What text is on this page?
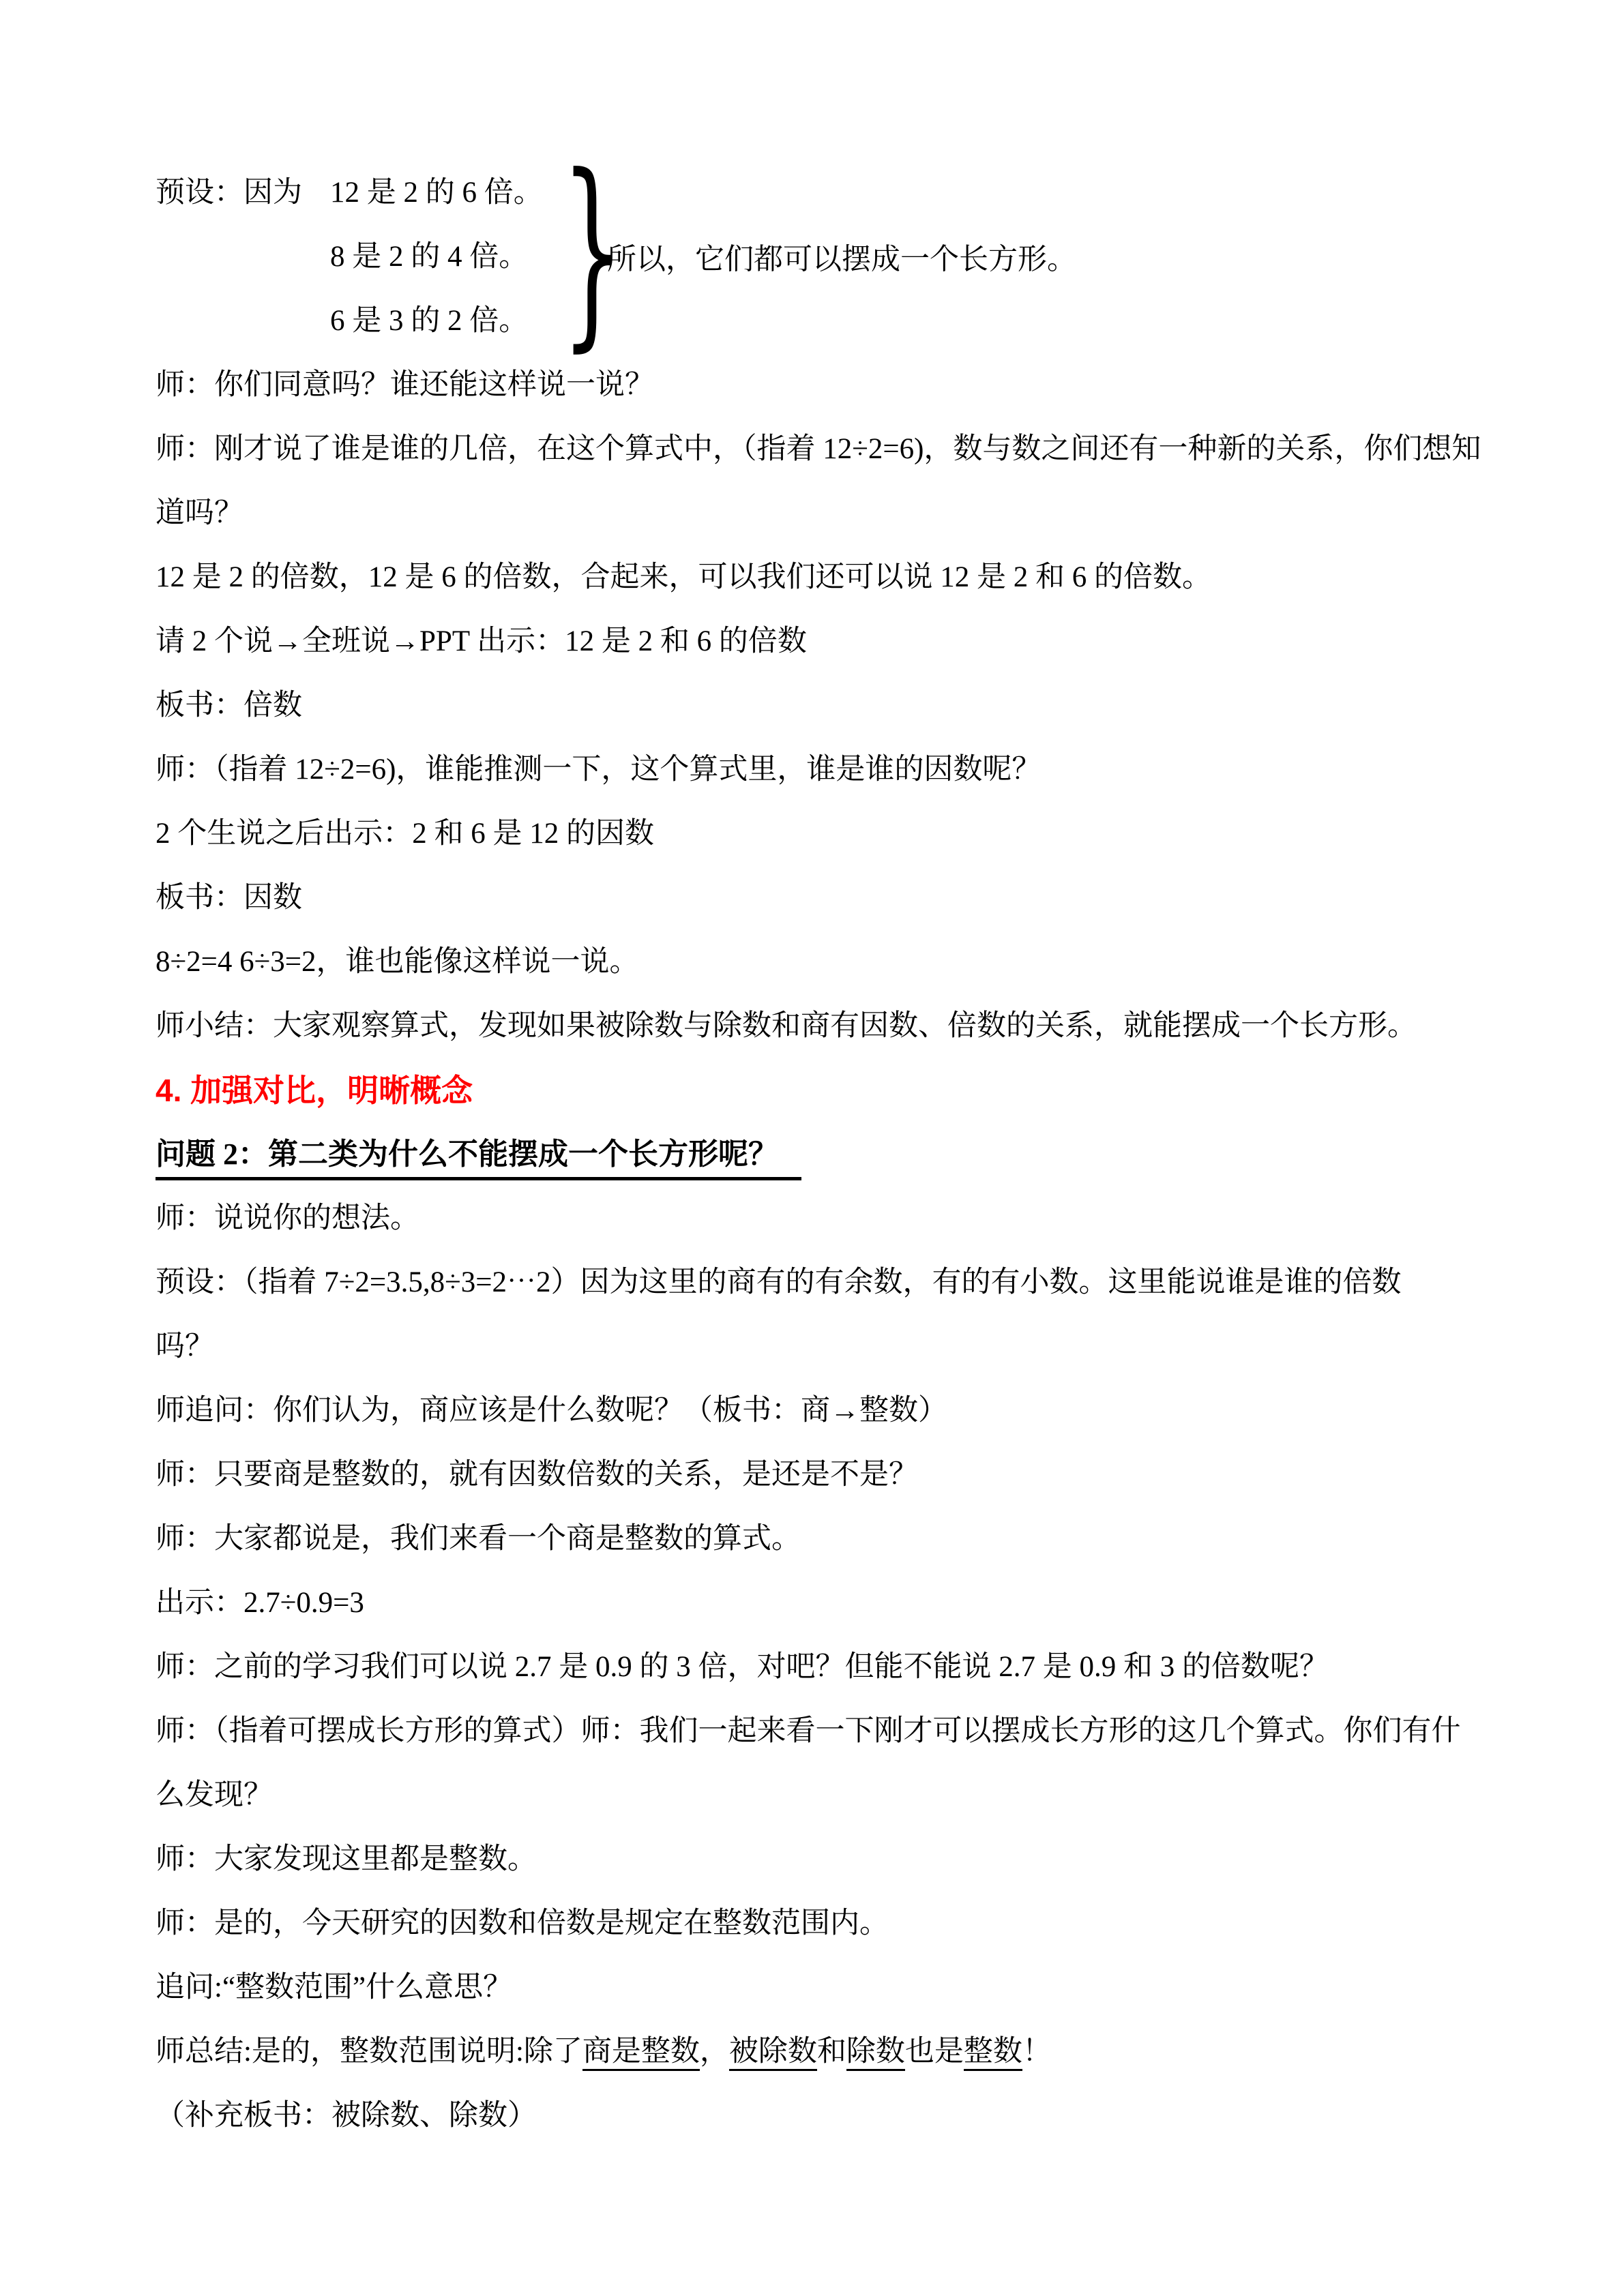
预设：因为 12 是 2 的 6 倍。
8 是 2 的 4 倍。
6 是 3 的 2 倍。 }
所以，它们都可以摆成一个长方形。
师：你们同意吗？谁还能这样说一说？
师：刚才说了谁是谁的几倍，在这个算式中，（指着 12÷2=6)，数与数之间还有一种新的关系，你们想知
道吗？
12 是 2 的倍数，12 是 6 的倍数，合起来，可以我们还可以说 12 是 2 和 6 的倍数。
请 2 个说→全班说→PPT 出示：12 是 2 和 6 的倍数
板书：倍数
师：（指着 12÷2=6)，谁能推测一下，这个算式里，谁是谁的因数呢？
2 个生说之后出示：2 和 6 是 12 的因数
板书：因数
8÷2=4 6÷3=2，谁也能像这样说一说。
师小结：大家观察算式，发现如果被除数与除数和商有因数、倍数的关系，就能摆成一个长方形。
4. 加强对比，明晰概念
问题 2：第二类为什么不能摆成一个长方形呢？
师：说说你的想法。
预设：（指着 7÷2=3.5,8÷3=2⋯2）因为这里的商有的有余数，有的有小数。这里能说谁是谁的倍数
吗？
师追问：你们认为，商应该是什么数呢？（板书：商→整数）
师：只要商是整数的，就有因数倍数的关系，是还是不是？
师：大家都说是，我们来看一个商是整数的算式。
出示：2.7÷0.9=3
师：之前的学习我们可以说 2.7 是 0.9 的 3 倍，对吧？但能不能说 2.7 是 0.9 和 3 的倍数呢？
师：（指着可摆成长方形的算式）师：我们一起来看一下刚才可以摆成长方形的这几个算式。你们有什
么发现？
师：大家发现这里都是整数。
师：是的，今天研究的因数和倍数是规定在整数范围内。
追问:“整数范围”什么意思？
师总结:是的，整数范围说明:除了商是整数，被除数和除数也是整数！
（补充板书：被除数、除数）
